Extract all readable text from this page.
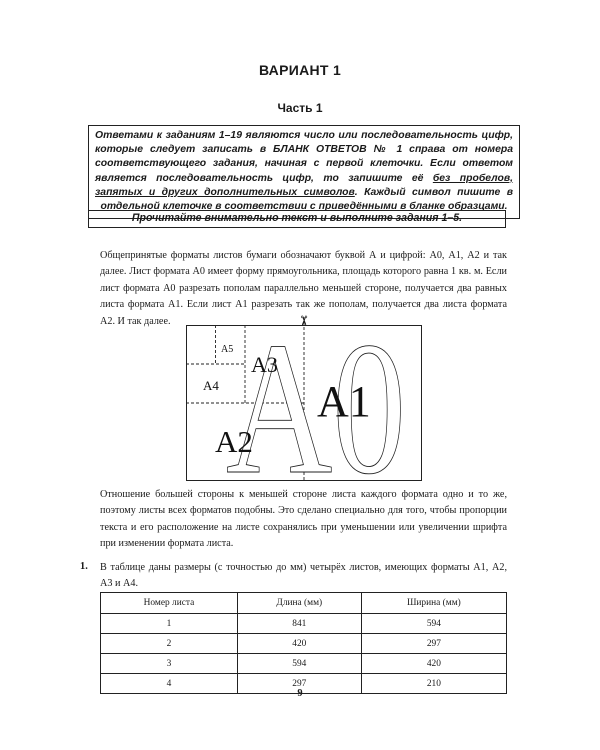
ВАРИАНТ 1
Часть 1
Ответами к заданиям 1–19 являются число или последовательность цифр, которые следует записать в БЛАНК ОТВЕТОВ № 1 справа от номера соответствующего задания, начиная с первой клеточки. Если ответом является последовательность цифр, то запишите её без пробелов, запятых и других дополнительных символов. Каждый символ пишите в отдельной клеточке в соответствии с приведёнными в бланке образцами.
Прочитайте внимательно текст и выполните задания 1–5.
Общепринятые форматы листов бумаги обозначают буквой А и цифрой: А0, А1, А2 и так далее. Лист формата А0 имеет форму прямоугольника, площадь которого равна 1 кв. м. Если лист формата А0 разрезать пополам параллельно меньшей стороне, получается два равных листа формата А1. Если лист А1 разрезать так же пополам, получается два листа формата А2. И так далее. A0
A1
A2
A3
A4
A5
✂
Отношение большей стороны к меньшей стороне листа каждого формата одно и то же, поэтому листы всех форматов подобны. Это сделано специально для того, чтобы пропорции текста и его расположение на листе сохранялись при уменьшении или увеличении шрифта при изменении формата листа.
1. В таблице даны размеры (с точностью до мм) четырёх листов, имеющих форматы А1, А2, А3 и А4.
Номер листа	Длина (мм)	Ширина (мм)
1	841	594
2	420	297
3	594	420
4	297	210
9
